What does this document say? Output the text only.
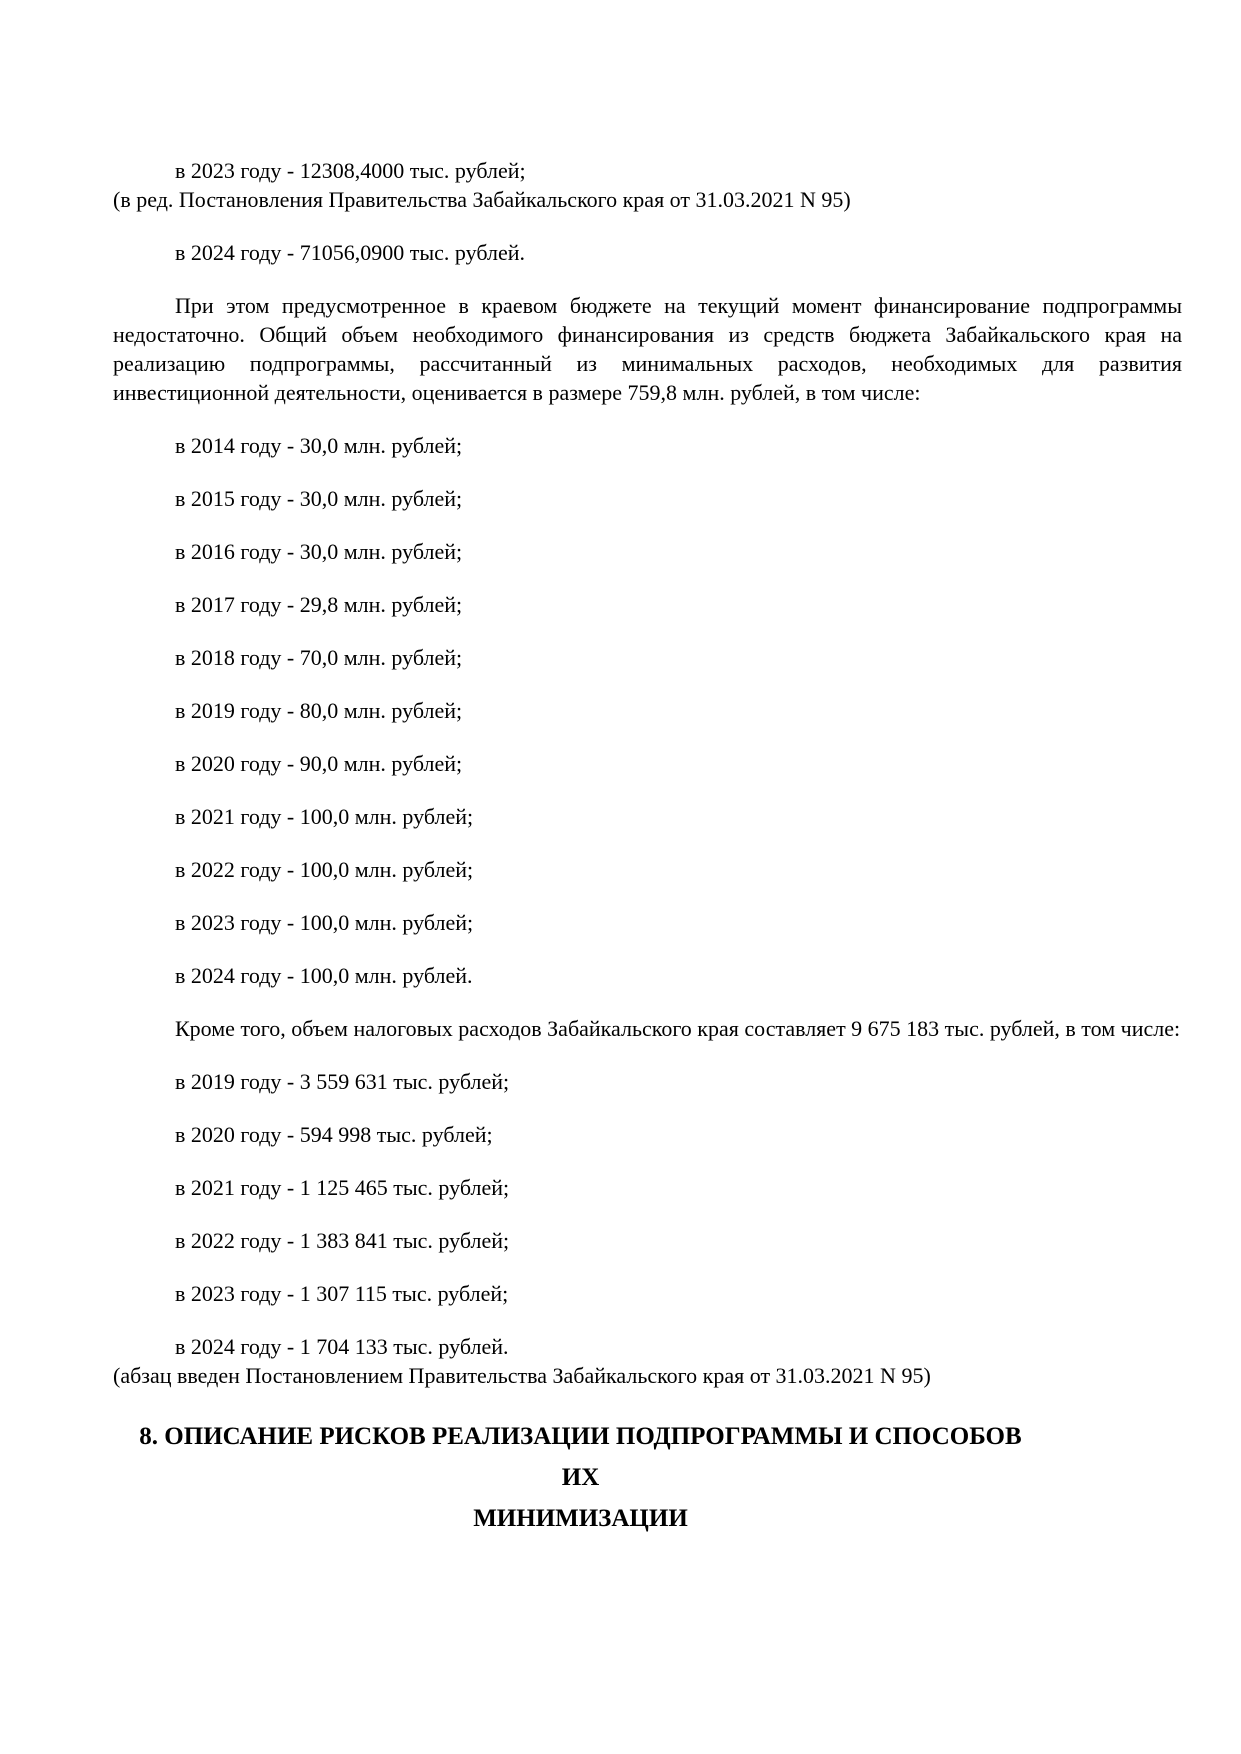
в 2023 году - 12308,4000 тыс. рублей;

(в ред. Постановления Правительства Забайкальского края от 31.03.2021 N 95)

в 2024 году - 71056,0900 тыс. рублей.

При этом предусмотренное в краевом бюджете на текущий момент финансирование подпрограммы недостаточно. Общий объем необходимого финансирования из средств бюджета Забайкальского края на реализацию подпрограммы, рассчитанный из минимальных расходов, необходимых для развития инвестиционной деятельности, оценивается в размере 759,8 млн. рублей, в том числе:

в 2014 году - 30,0 млн. рублей;

в 2015 году - 30,0 млн. рублей;

в 2016 году - 30,0 млн. рублей;

в 2017 году - 29,8 млн. рублей;

в 2018 году - 70,0 млн. рублей;

в 2019 году - 80,0 млн. рублей;

в 2020 году - 90,0 млн. рублей;

в 2021 году - 100,0 млн. рублей;

в 2022 году - 100,0 млн. рублей;

в 2023 году - 100,0 млн. рублей;

в 2024 году - 100,0 млн. рублей.

Кроме того, объем налоговых расходов Забайкальского края составляет 9 675 183 тыс. рублей, в том числе:

в 2019 году - 3 559 631 тыс. рублей;

в 2020 году - 594 998 тыс. рублей;

в 2021 году - 1 125 465 тыс. рублей;

в 2022 году - 1 383 841 тыс. рублей;

в 2023 году - 1 307 115 тыс. рублей;

в 2024 году - 1 704 133 тыс. рублей.

(абзац введен Постановлением Правительства Забайкальского края от 31.03.2021 N 95)

8. ОПИСАНИЕ РИСКОВ РЕАЛИЗАЦИИ ПОДПРОГРАММЫ И СПОСОБОВ
ИХ
МИНИМИЗАЦИИ
